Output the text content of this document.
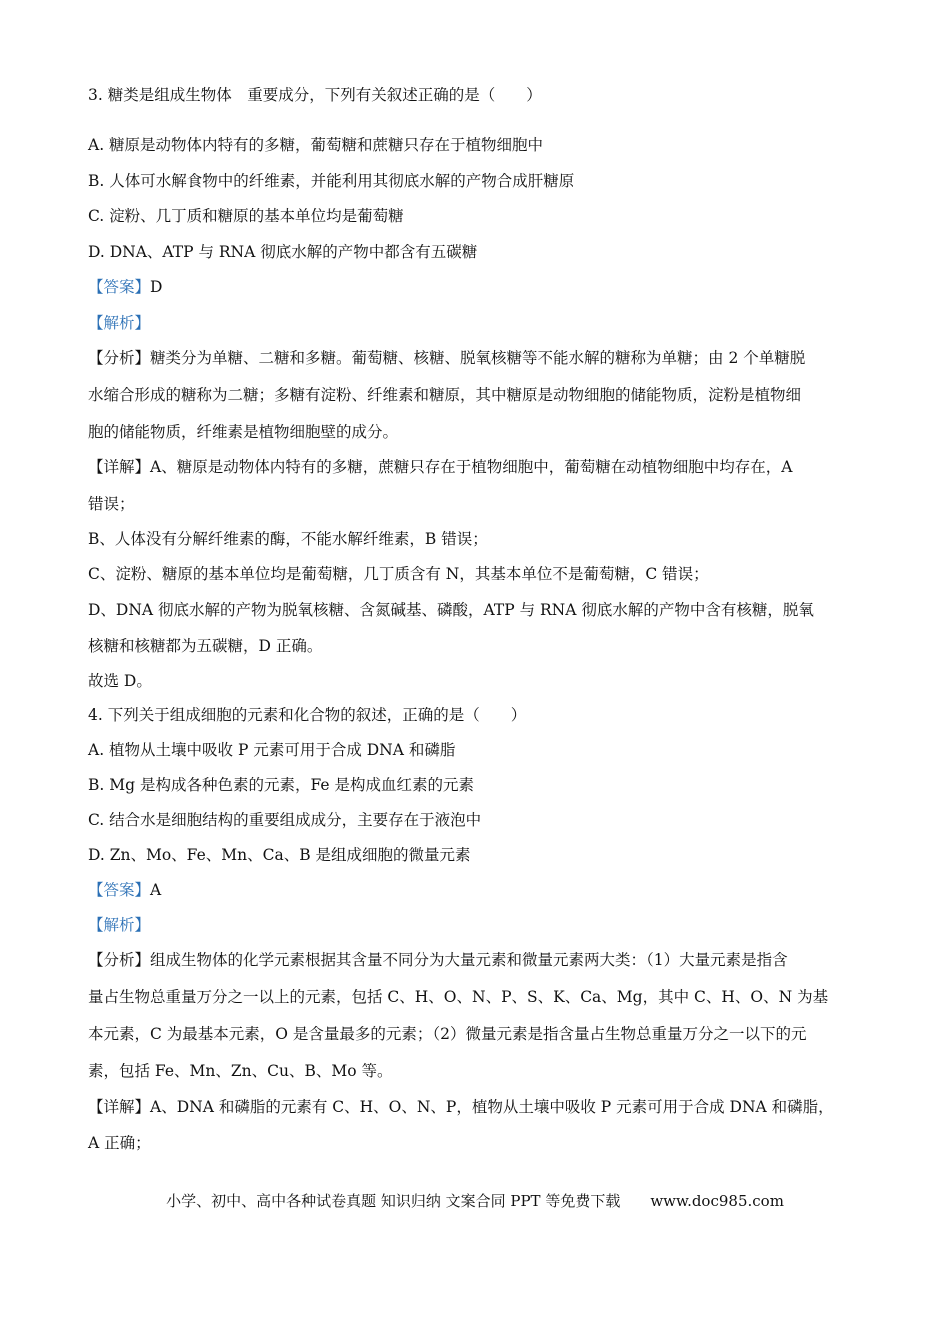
3. 糖类是组成生物体　重要成分，下列有关叙述正确的是（　　）

A. 糖原是动物体内特有的多糖，葡萄糖和蔗糖只存在于植物细胞中

B. 人体可水解食物中的纤维素，并能利用其彻底水解的产物合成肝糖原

C. 淀粉、几丁质和糖原的基本单位均是葡萄糖

D. DNA、ATP 与 RNA 彻底水解的产物中都含有五碳糖

【答案】D

【解析】

【分析】糖类分为单糖、二糖和多糖。葡萄糖、核糖、脱氧核糖等不能水解的糖称为单糖；由 2 个单糖脱

水缩合形成的糖称为二糖；多糖有淀粉、纤维素和糖原，其中糖原是动物细胞的储能物质，淀粉是植物细

胞的储能物质，纤维素是植物细胞壁的成分。

【详解】A、糖原是动物体内特有的多糖，蔗糖只存在于植物细胞中，葡萄糖在动植物细胞中均存在，A

错误；

B、人体没有分解纤维素的酶，不能水解纤维素，B 错误；

C、淀粉、糖原的基本单位均是葡萄糖，几丁质含有 N，其基本单位不是葡萄糖，C 错误；

D、DNA 彻底水解的产物为脱氧核糖、含氮碱基、磷酸，ATP 与 RNA 彻底水解的产物中含有核糖，脱氧

核糖和核糖都为五碳糖，D 正确。

故选 D。

4. 下列关于组成细胞的元素和化合物的叙述，正确的是（　　）

A. 植物从土壤中吸收 P 元素可用于合成 DNA 和磷脂

B. Mg 是构成各种色素的元素，Fe 是构成血红素的元素

C. 结合水是细胞结构的重要组成成分，主要存在于液泡中

D. Zn、Mo、Fe、Mn、Ca、B 是组成细胞的微量元素

【答案】A

【解析】

【分析】组成生物体的化学元素根据其含量不同分为大量元素和微量元素两大类：（1）大量元素是指含

量占生物总重量万分之一以上的元素，包括 C、H、O、N、P、S、K、Ca、Mg，其中 C、H、O、N 为基

本元素，C 为最基本元素，O 是含量最多的元素；（2）微量元素是指含量占生物总重量万分之一以下的元

素，包括 Fe、Mn、Zn、Cu、B、Mo 等。

【详解】A、DNA 和磷脂的元素有 C、H、O、N、P，植物从土壤中吸收 P 元素可用于合成 DNA 和磷脂，

A 正确；

小学、初中、高中各种试卷真题 知识归纳 文案合同 PPT 等免费下载　　www.doc985.com
